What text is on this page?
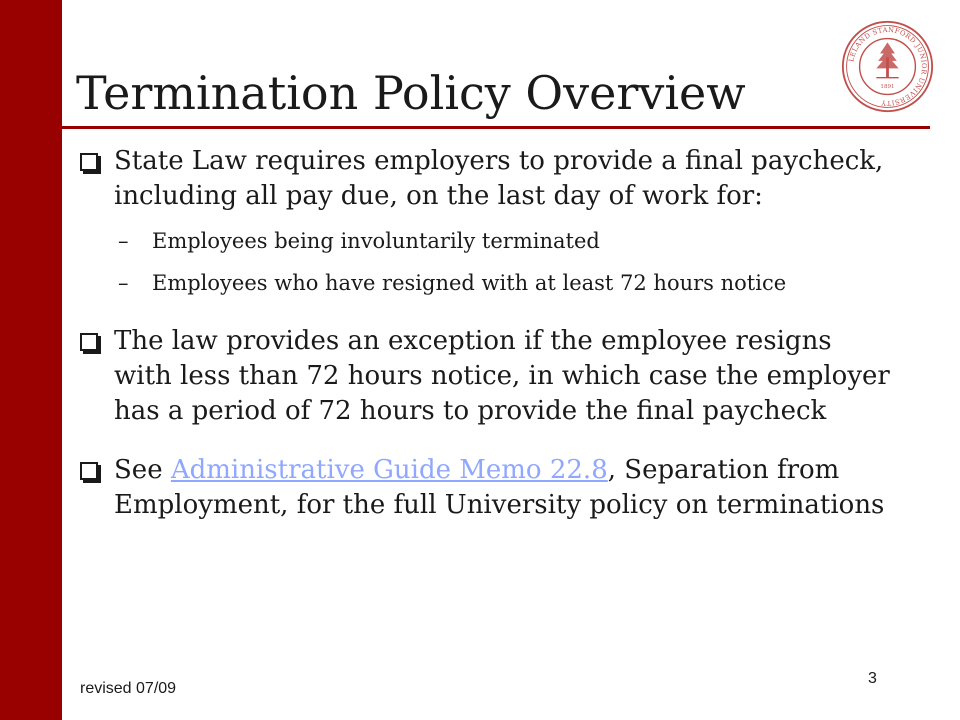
Termination Policy Overview
LELAND STANFORD JUNIOR UNIVERSITY
1891
State Law requires employers to provide a final paycheck, including all pay due, on the last day of work for:
– Employees being involuntarily terminated
– Employees who have resigned with at least 72 hours notice
The law provides an exception if the employee resigns with less than 72 hours notice, in which case the employer has a period of 72 hours to provide the final paycheck
See Administrative Guide Memo 22.8, Separation from Employment, for the full University policy on terminations
revised 07/09
3
